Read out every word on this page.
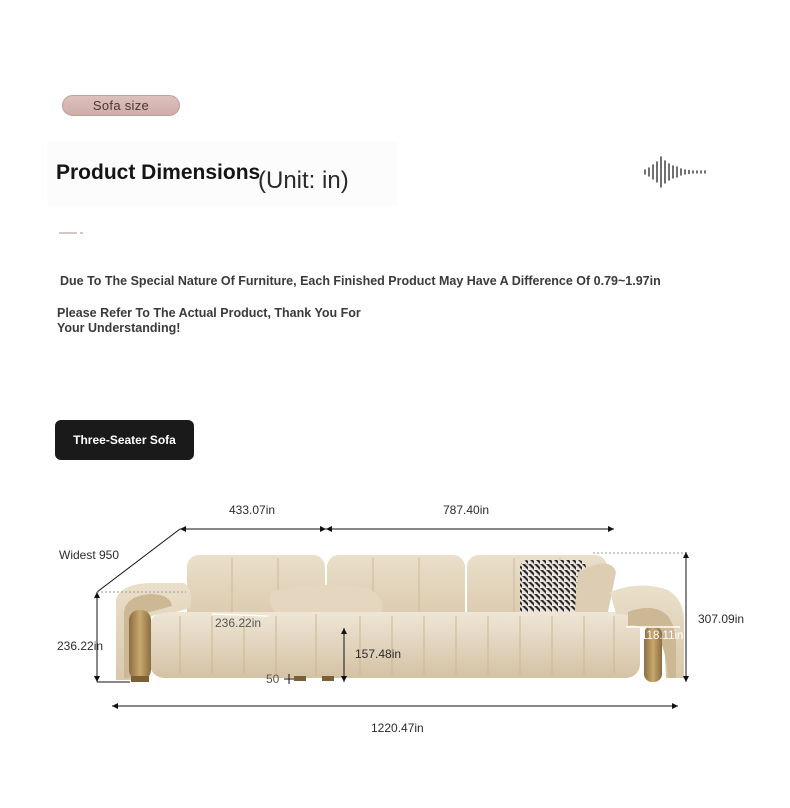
Sofa size
Product Dimensions
(Unit: in)
Due To The Special Nature Of Furniture, Each Finished Product May Have A Difference Of 0.79~1.97in
Please Refer To The Actual Product, Thank You For Your Understanding!
Three-Seater Sofa
433.07in	787.40in
Widest 950
236.22in
236.22in
157.48in
50
307.09in
118.11in
1220.47in
